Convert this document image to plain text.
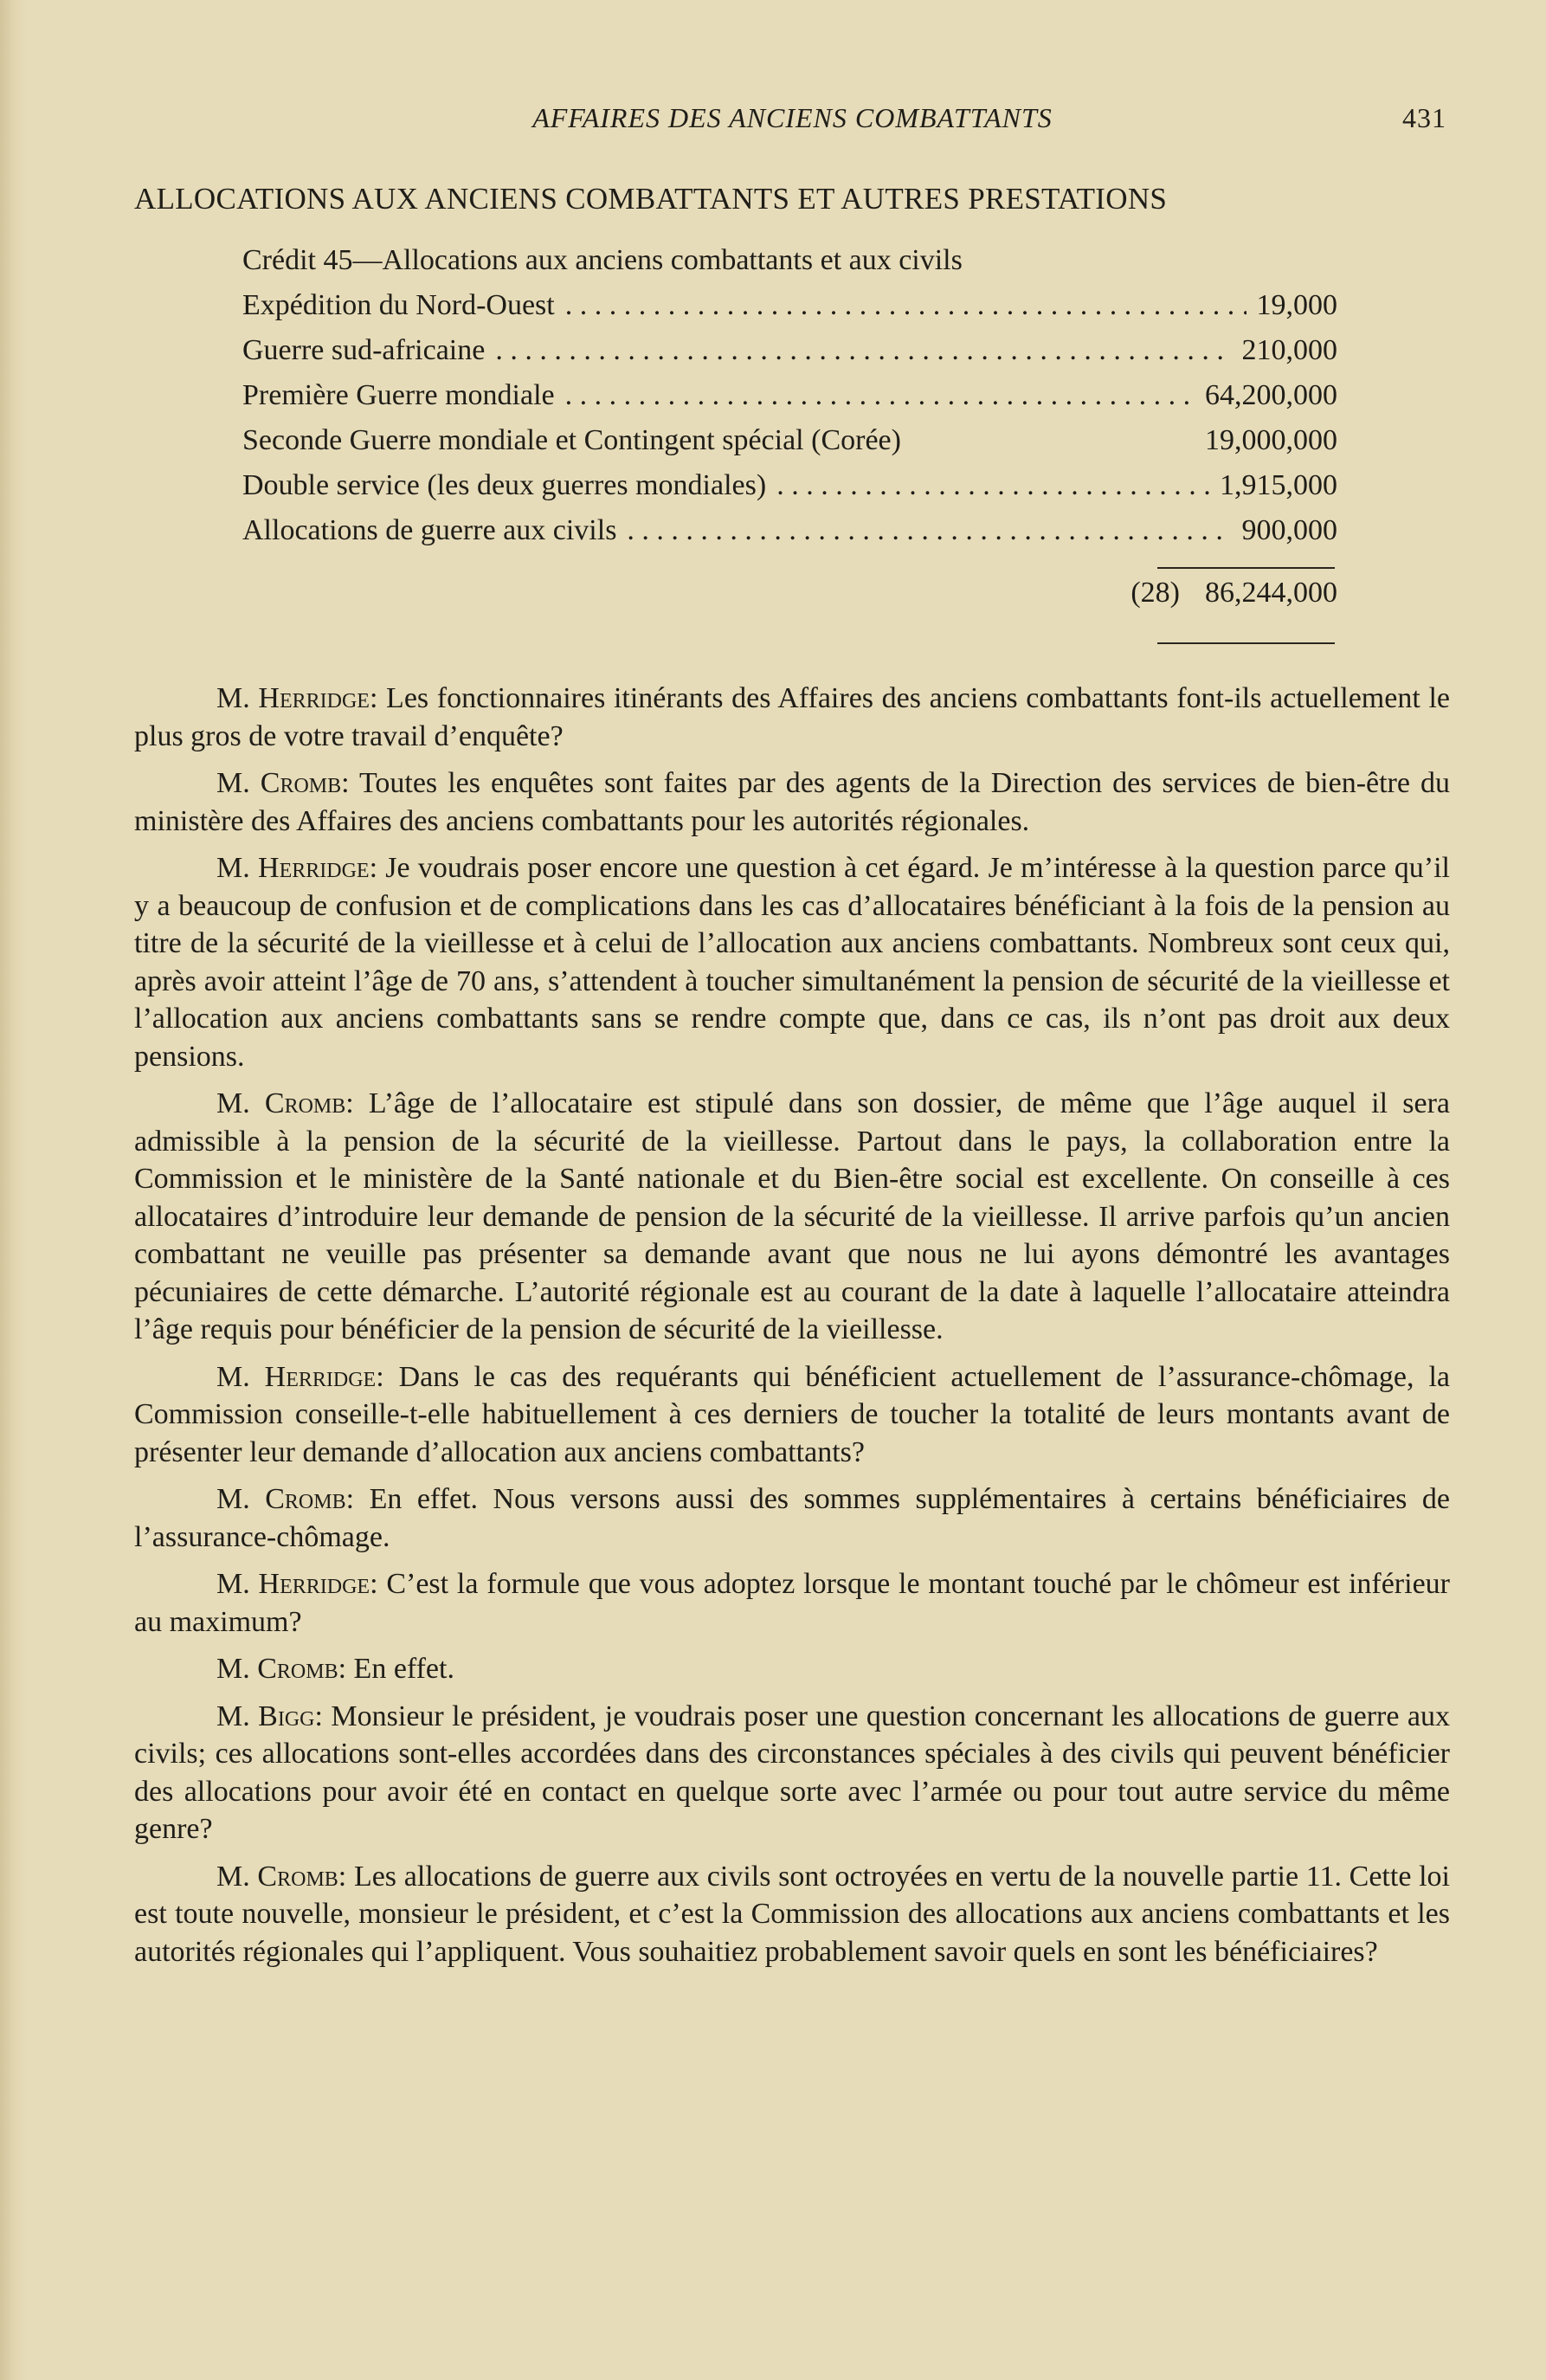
AFFAIRES DES ANCIENS COMBATTANTS	431
ALLOCATIONS AUX ANCIENS COMBATTANTS ET AUTRES PRESTATIONS
Crédit 45—Allocations aux anciens combattants et aux civils
Expédition du Nord-Ouest . . .	19,000
Guerre sud-africaine . . .	210,000
Première Guerre mondiale . . .	64,200,000
Seconde Guerre mondiale et Contingent spécial (Corée)	19,000,000
Double service (les deux guerres mondiales) . . .	1,915,000
Allocations de guerre aux civils . . .	900,000
(28) 86,244,000

M. Herridge: Les fonctionnaires itinérants des Affaires des anciens combattants font-ils actuellement le plus gros de votre travail d’enquête?

M. Cromb: Toutes les enquêtes sont faites par des agents de la Direction des services de bien-être du ministère des Affaires des anciens combattants pour les autorités régionales.

M. Herridge: Je voudrais poser encore une question à cet égard. Je m’intéresse à la question parce qu’il y a beaucoup de confusion et de complications dans les cas d’allocataires bénéficiant à la fois de la pension au titre de la sécurité de la vieillesse et à celui de l’allocation aux anciens combattants. Nombreux sont ceux qui, après avoir atteint l’âge de 70 ans, s’attendent à toucher simultanément la pension de sécurité de la vieillesse et l’allocation aux anciens combattants sans se rendre compte que, dans ce cas, ils n’ont pas droit aux deux pensions.

M. Cromb: L’âge de l’allocataire est stipulé dans son dossier, de même que l’âge auquel il sera admissible à la pension de la sécurité de la vieillesse. Partout dans le pays, la collaboration entre la Commission et le ministère de la Santé nationale et du Bien-être social est excellente. On conseille à ces allocataires d’introduire leur demande de pension de la sécurité de la vieillesse. Il arrive parfois qu’un ancien combattant ne veuille pas présenter sa demande avant que nous ne lui ayons démontré les avantages pécuniaires de cette démarche. L’autorité régionale est au courant de la date à laquelle l’allocataire atteindra l’âge requis pour bénéficier de la pension de sécurité de la vieillesse.

M. Herridge: Dans le cas des requérants qui bénéficient actuellement de l’assurance-chômage, la Commission conseille-t-elle habituellement à ces derniers de toucher la totalité de leurs montants avant de présenter leur demande d’allocation aux anciens combattants?

M. Cromb: En effet. Nous versons aussi des sommes supplémentaires à certains bénéficiaires de l’assurance-chômage.

M. Herridge: C’est la formule que vous adoptez lorsque le montant touché par le chômeur est inférieur au maximum?

M. Cromb: En effet.

M. Bigg: Monsieur le président, je voudrais poser une question concernant les allocations de guerre aux civils; ces allocations sont-elles accordées dans des circonstances spéciales à des civils qui peuvent bénéficier des allocations pour avoir été en contact en quelque sorte avec l’armée ou pour tout autre service du même genre?

M. Cromb: Les allocations de guerre aux civils sont octroyées en vertu de la nouvelle partie 11. Cette loi est toute nouvelle, monsieur le président, et c’est la Commission des allocations aux anciens combattants et les autorités régionales qui l’appliquent. Vous souhaitiez probablement savoir quels en sont les bénéficiaires?
